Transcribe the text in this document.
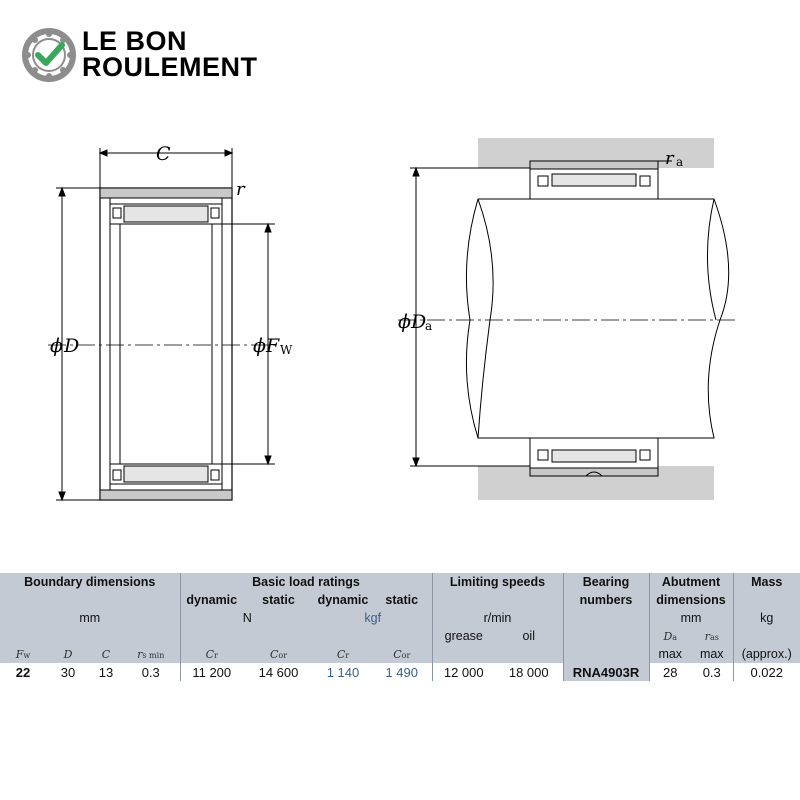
LE BON
ROULEMENT
C
r
ϕ D	ϕ F W
r a
ϕ D
a
Boundary dimensions				Basic load ratings				Limiting speeds		Bearing	Abutment		Mass
				dynamic	static	dynamic	static			numbers	dimensions		
mm				N		kgf		r/min			mm		kg
								grease	oil		Da	ras	
Fw	D	C	rs min	Cr	Cor	Cr	Cor				max	max	(approx.)
22	30	13	0.3	11 200	14 600	1 140	1 490	12 000	18 000	RNA4903R	28	0.3	0.022
